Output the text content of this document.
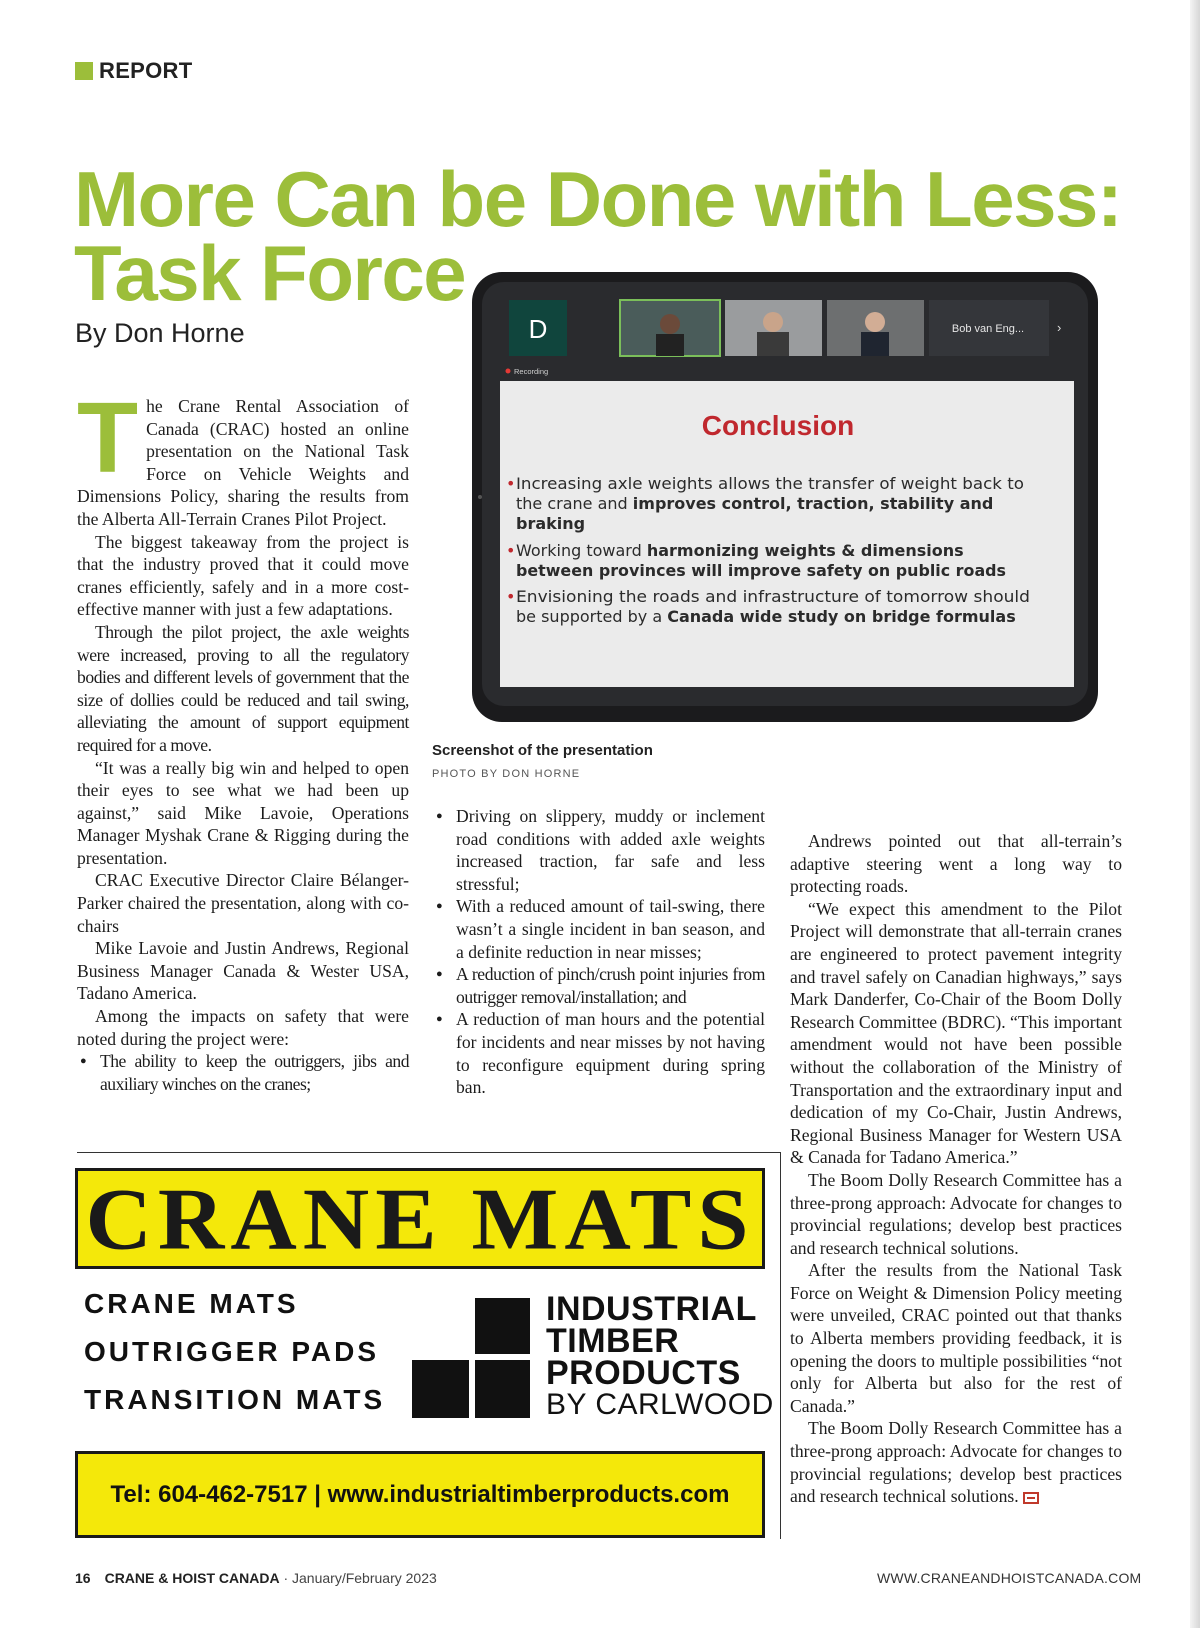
REPORT
More Can be Done with Less:
Task Force
By Don Horne

The Crane Rental Association of Canada (CRAC) hosted an online presentation on the National Task Force on Vehicle Weights and Dimensions Policy, sharing the results from the Alberta All-Terrain Cranes Pilot Project.

The biggest takeaway from the project is that the industry proved that it could move cranes efficiently, safely and in a more cost-effective manner with just a few adaptations.

Through the pilot project, the axle weights were increased, proving to all the regulatory bodies and different levels of government that the size of dollies could be reduced and tail swing, alleviating the amount of support equipment required for a move.

“It was a really big win and helped to open their eyes to see what we had been up against,” said Mike Lavoie, Operations Manager Myshak Crane & Rigging during the presentation.

CRAC Executive Director Claire Bélanger-Parker chaired the presentation, along with co-chairs

Mike Lavoie and Justin Andrews, Regional Business Manager Canada & Wester USA, Tadano America.

Among the impacts on safety that were noted during the project were:

● The ability to keep the outriggers, jibs and auxiliary winches on the cranes;
● Driving on slippery, muddy or inclement road conditions with added axle weights increased traction, far safe and less stressful;
● With a reduced amount of tail-swing, there wasn’t a single incident in ban season, and a definite reduction in near misses;
● A reduction of pinch/crush point injuries from outrigger removal/installation; and
● A reduction of man hours and the potential for incidents and near misses by not having to reconfigure equipment during spring ban.

Andrews pointed out that all-terrain’s adaptive steering went a long way to protecting roads.

“We expect this amendment to the Pilot Project will demonstrate that all-terrain cranes are engineered to protect pavement integrity and travel safely on Canadian highways,” says Mark Danderfer, Co-Chair of the Boom Dolly Research Committee (BDRC). “This important amendment would not have been possible without the collaboration of the Ministry of Transportation and the extraordinary input and dedication of my Co-Chair, Justin Andrews, Regional Business Manager for Western USA & Canada for Tadano America.”

The Boom Dolly Research Committee has a three-prong approach: Advocate for changes to provincial regulations; develop best practices and research technical solutions.

After the results from the National Task Force on Weight & Dimension Policy meeting were unveiled, CRAC pointed out that thanks to Alberta members providing feedback, it is opening the doors to multiple possibilities “not only for Alberta but also for the rest of Canada.”

The Boom Dolly Research Committee has a three-prong approach: Advocate for changes to provincial regulations; develop best practices and research technical solutions.

D	Bob van Eng...	›
Recording
Conclusion
• Increasing axle weights allows the transfer of weight back to
the crane and improves control, traction, stability and
braking
• Working toward harmonizing weights & dimensions
between provinces will improve safety on public roads
• Envisioning the roads and infrastructure of tomorrow should
be supported by a Canada wide study on bridge formulas
Screenshot of the presentation
PHOTO BY DON HORNE
CRANE MATS
CRANE MATS
OUTRIGGER PADS
TRANSITION MATS
INDUSTRIAL
TIMBER
PRODUCTS
BY CARLWOOD
Tel: 604-462-7517 | www.industrialtimberproducts.com
16 CRANE & HOIST CANADA · January/February 2023	WWW.CRANEANDHOISTCANADA.COM
